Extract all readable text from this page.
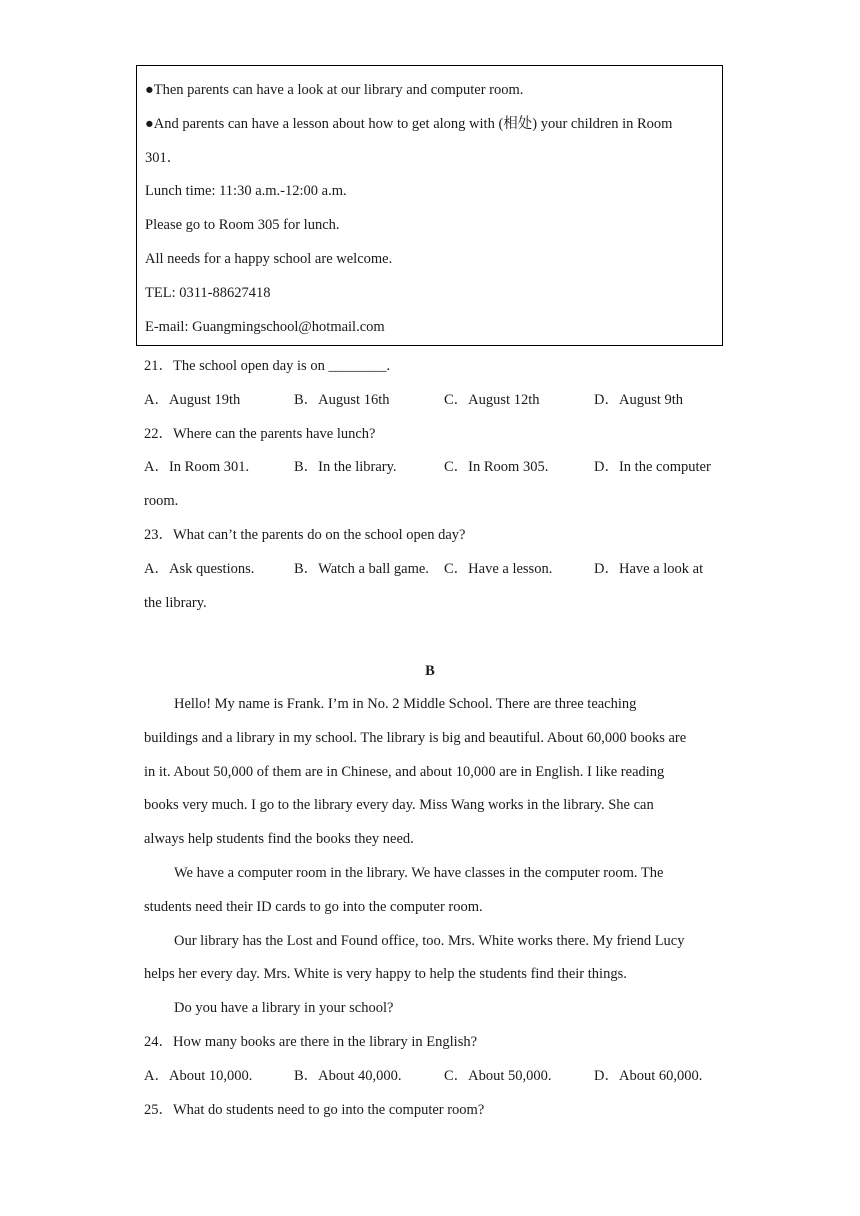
●Then parents can have a look at our library and computer room.
●And parents can have a lesson about how to get along with (相处) your children in Room
301．
Lunch time: 11:30 a.m.-12:00 a.m.
Please go to Room 305 for lunch.
All needs for a happy school are welcome.
TEL: 0311-88627418
E-mail: Guangmingschool@hotmail.com
21．The school open day is on ________.
A．August 19th	B．August 16th	C．August 12th	D．August 9th
22．Where can the parents have lunch?
A．In Room 301.	B．In the library.	C．In Room 305.	D．In the computer
room.
23．What can’t the parents do on the school open day?
A．Ask questions.	B．Watch a ball game. C．Have a lesson.	D．Have a look at
the library.
B
Hello! My name is Frank. I’m in No. 2 Middle School. There are three teaching
buildings and a library in my school. The library is big and beautiful. About 60,000 books are
in it. About 50,000 of them are in Chinese, and about 10,000 are in English. I like reading
books very much. I go to the library every day. Miss Wang works in the library. She can
always help students find the books they need.
We have a computer room in the library. We have classes in the computer room. The
students need their ID cards to go into the computer room.
Our library has the Lost and Found office, too. Mrs. White works there. My friend Lucy
helps her every day. Mrs. White is very happy to help the students find their things.
Do you have a library in your school?
24．How many books are there in the library in English?
A．About 10,000.	B．About 40,000.	C．About 50,000.	D．About 60,000.
25．What do students need to go into the computer room?
